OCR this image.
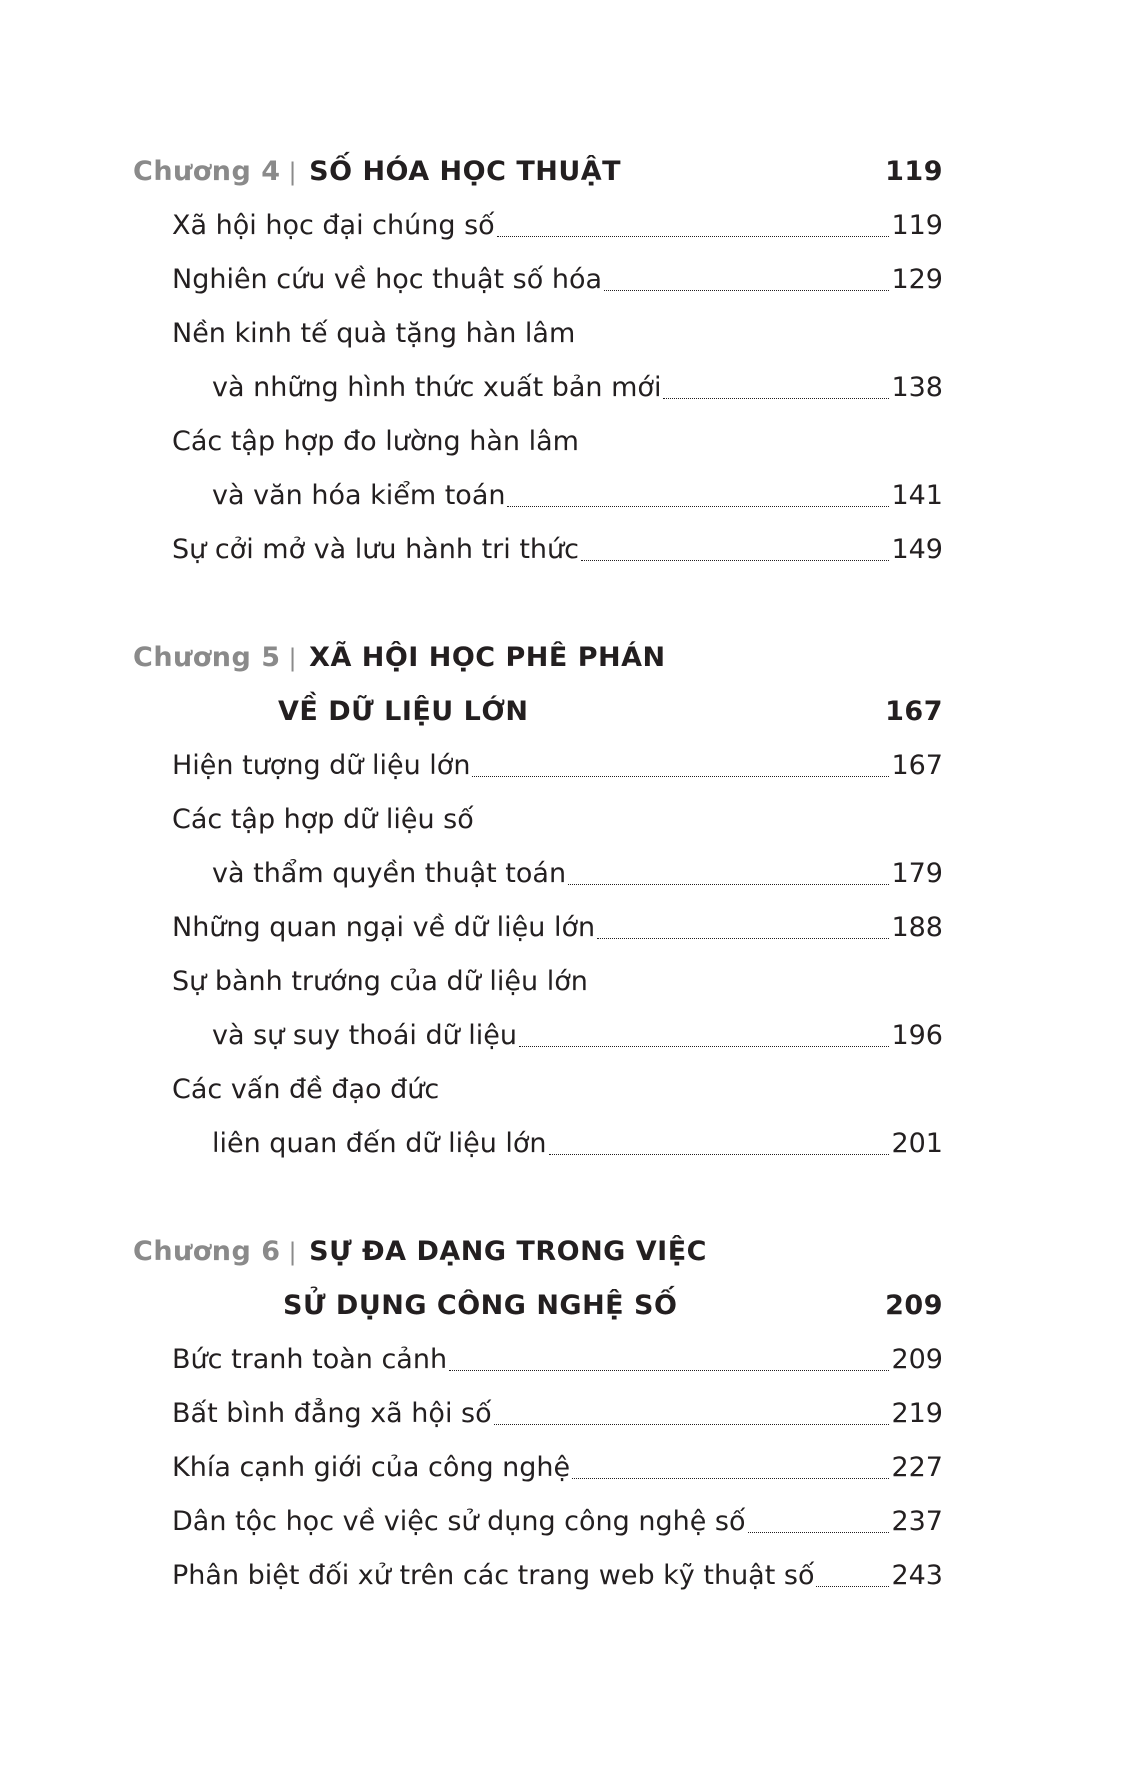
Chương 4 | SỐ HÓA HỌC THUẬT	119
Xã hội học đại chúng số	119
Nghiên cứu về học thuật số hóa	129
Nền kinh tế quà tặng hàn lâm
và những hình thức xuất bản mới	138
Các tập hợp đo lường hàn lâm
và văn hóa kiểm toán	141
Sự cởi mở và lưu hành tri thức	149
Chương 5 | XÃ HỘI HỌC PHÊ PHÁN
VỀ DỮ LIỆU LỚN	167
Hiện tượng dữ liệu lớn	167
Các tập hợp dữ liệu số
và thẩm quyền thuật toán	179
Những quan ngại về dữ liệu lớn	188
Sự bành trướng của dữ liệu lớn
và sự suy thoái dữ liệu	196
Các vấn đề đạo đức
liên quan đến dữ liệu lớn	201
Chương 6 | SỰ ĐA DẠNG TRONG VIỆC
SỬ DỤNG CÔNG NGHỆ SỐ	209
Bức tranh toàn cảnh	209
Bất bình đẳng xã hội số	219
Khía cạnh giới của công nghệ	227
Dân tộc học về việc sử dụng công nghệ số	237
Phân biệt đối xử trên các trang web kỹ thuật số	243
